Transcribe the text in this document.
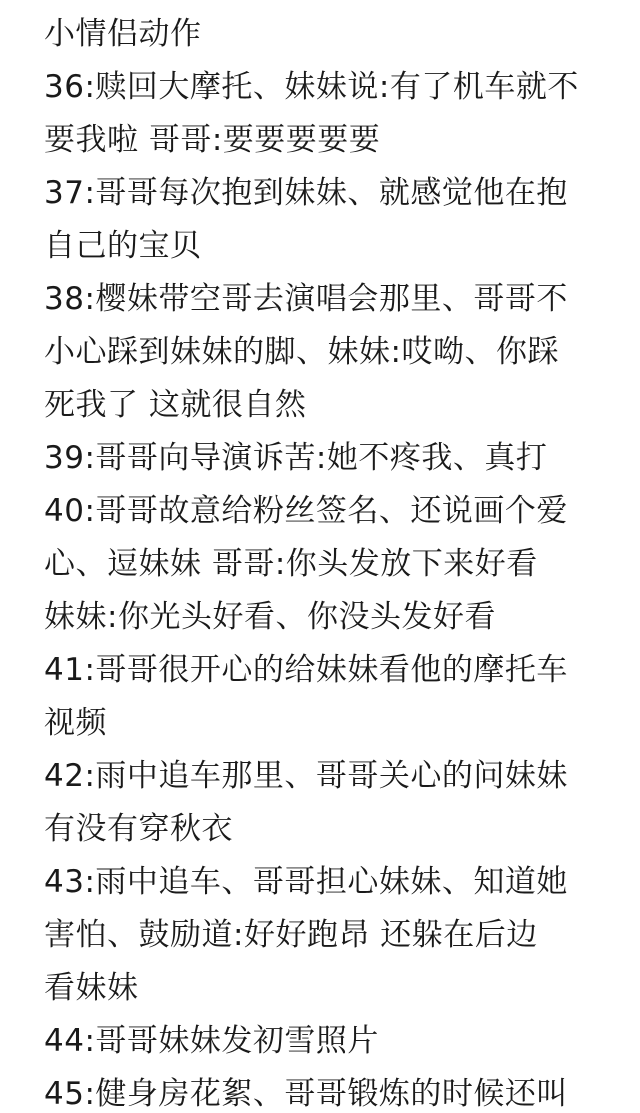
小情侣动作
36:赎回大摩托、妹妹说:有了机车就不
要我啦 哥哥:要要要要要
37:哥哥每次抱到妹妹、就感觉他在抱
自己的宝贝
38:樱妹带空哥去演唱会那里、哥哥不
小心踩到妹妹的脚、妹妹:哎呦、你踩
死我了 这就很自然
39:哥哥向导演诉苦:她不疼我、真打
40:哥哥故意给粉丝签名、还说画个爱
心、逗妹妹 哥哥:你头发放下来好看
妹妹:你光头好看、你没头发好看
41:哥哥很开心的给妹妹看他的摩托车
视频
42:雨中追车那里、哥哥关心的问妹妹
有没有穿秋衣
43:雨中追车、哥哥担心妹妹、知道她
害怕、鼓励道:好好跑昂 还躲在后边
看妹妹
44:哥哥妹妹发初雪照片
45:健身房花絮、哥哥锻炼的时候还叫
